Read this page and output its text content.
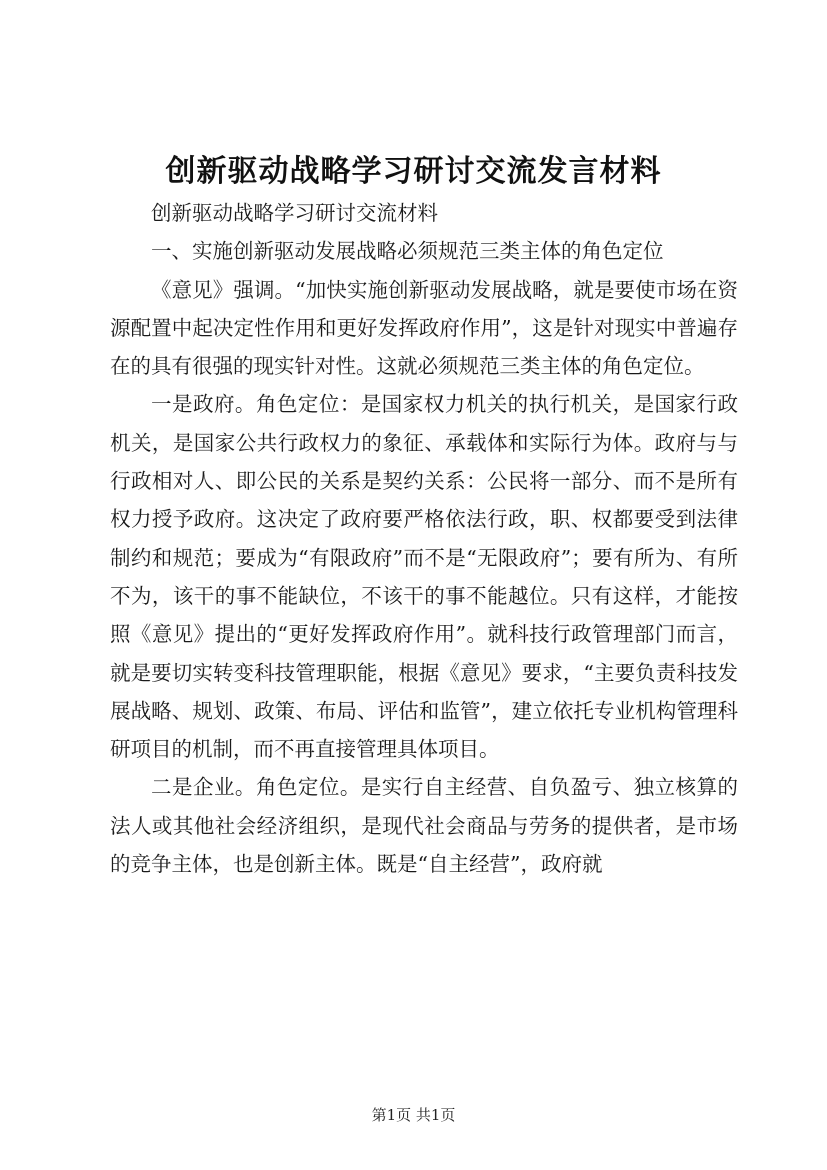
创新驱动战略学习研讨交流发言材料

创新驱动战略学习研讨交流材料

一、实施创新驱动发展战略必须规范三类主体的角色定位

《意见》强调。“加快实施创新驱动发展战略，就是要使市场在资源配置中起决定性作用和更好发挥政府作用”，这是针对现实中普遍存在的具有很强的现实针对性。这就必须规范三类主体的角色定位。

一是政府。角色定位：是国家权力机关的执行机关，是国家行政机关，是国家公共行政权力的象征、承载体和实际行为体。政府与与行政相对人、即公民的关系是契约关系：公民将一部分、而不是所有权力授予政府。这决定了政府要严格依法行政，职、权都要受到法律制约和规范；要成为“有限政府”而不是“无限政府”；要有所为、有所不为，该干的事不能缺位，不该干的事不能越位。只有这样，才能按照《意见》提出的“更好发挥政府作用”。就科技行政管理部门而言，就是要切实转变科技管理职能，根据《意见》要求，“主要负责科技发展战略、规划、政策、布局、评估和监管”，建立依托专业机构管理科研项目的机制，而不再直接管理具体项目。

二是企业。角色定位。是实行自主经营、自负盈亏、独立核算的法人或其他社会经济组织，是现代社会商品与劳务的提供者，是市场的竞争主体，也是创新主体。既是“自主经营”，政府就

第1页 共1页
